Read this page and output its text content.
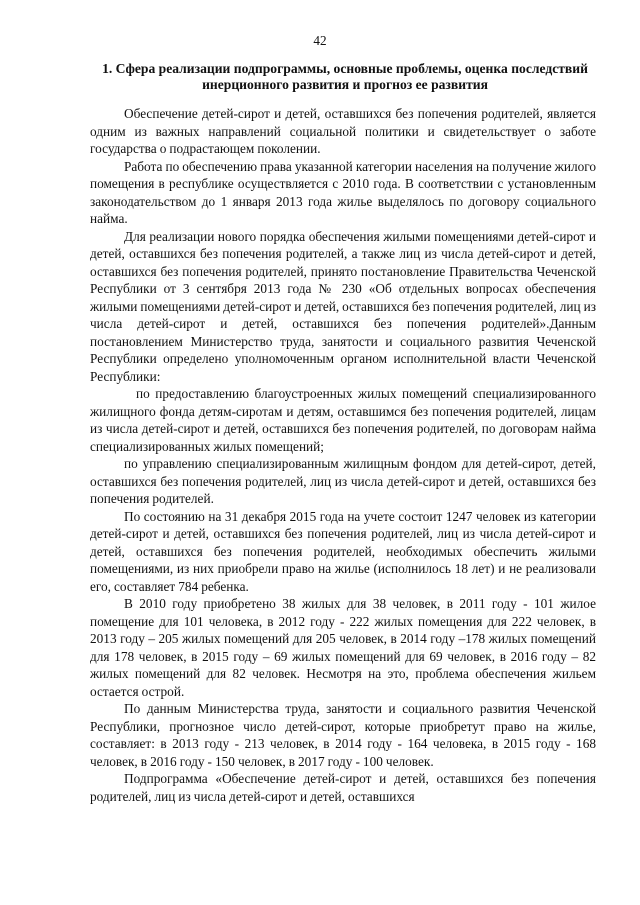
42
1. Сфера реализации подпрограммы, основные проблемы, оценка последствий инерционного развития и прогноз ее развития

Обеспечение детей-сирот и детей, оставшихся без попечения родителей, является одним из важных направлений социальной политики и свидетельствует о заботе государства о подрастающем поколении.

Работа по обеспечению права указанной категории населения на получение жилого помещения в республике осуществляется с 2010 года. В соответствии с установленным законодательством до 1 января 2013 года жилье выделялось по договору социального найма.

Для реализации нового порядка обеспечения жилыми помещениями детей-сирот и детей, оставшихся без попечения родителей, а также лиц из числа детей-сирот и детей, оставшихся без попечения родителей, принято постановление Правительства Чеченской Республики от 3 сентября 2013 года № 230 «Об отдельных вопросах обеспечения жилыми помещениями детей-сирот и детей, оставшихся без попечения родителей, лиц из числа детей-сирот и детей, оставшихся без попечения родителей».Данным постановлением Министерство труда, занятости и социального развития Чеченской Республики определено уполномоченным органом исполнительной власти Чеченской Республики:

по предоставлению благоустроенных жилых помещений специализированного жилищного фонда детям-сиротам и детям, оставшимся без попечения родителей, лицам из числа детей-сирот и детей, оставшихся без попечения родителей, по договорам найма специализированных жилых помещений;

по управлению специализированным жилищным фондом для детей-сирот, детей, оставшихся без попечения родителей, лиц из числа детей-сирот и детей, оставшихся без попечения родителей.

По состоянию на 31 декабря 2015 года на учете состоит 1247 человек из категории детей-сирот и детей, оставшихся без попечения родителей, лиц из числа детей-сирот и детей, оставшихся без попечения родителей, необходимых обеспечить жилыми помещениями, из них приобрели право на жилье (исполнилось 18 лет) и не реализовали его, составляет 784 ребенка.

В 2010 году приобретено 38 жилых для 38 человек, в 2011 году - 101 жилое помещение для 101 человека, в 2012 году - 222 жилых помещения для 222 человек, в 2013 году – 205 жилых помещений для 205 человек, в 2014 году –178 жилых помещений для 178 человек, в 2015 году – 69 жилых помещений для 69 человек, в 2016 году – 82 жилых помещений для 82 человек. Несмотря на это, проблема обеспечения жильем остается острой.

По данным Министерства труда, занятости и социального развития Чеченской Республики, прогнозное число детей-сирот, которые приобретут право на жилье, составляет: в 2013 году - 213 человек, в 2014 году - 164 человека, в 2015 году - 168 человек, в 2016 году - 150 человек, в 2017 году - 100 человек.

Подпрограмма «Обеспечение детей-сирот и детей, оставшихся без попечения родителей, лиц из числа детей-сирот и детей, оставшихся
